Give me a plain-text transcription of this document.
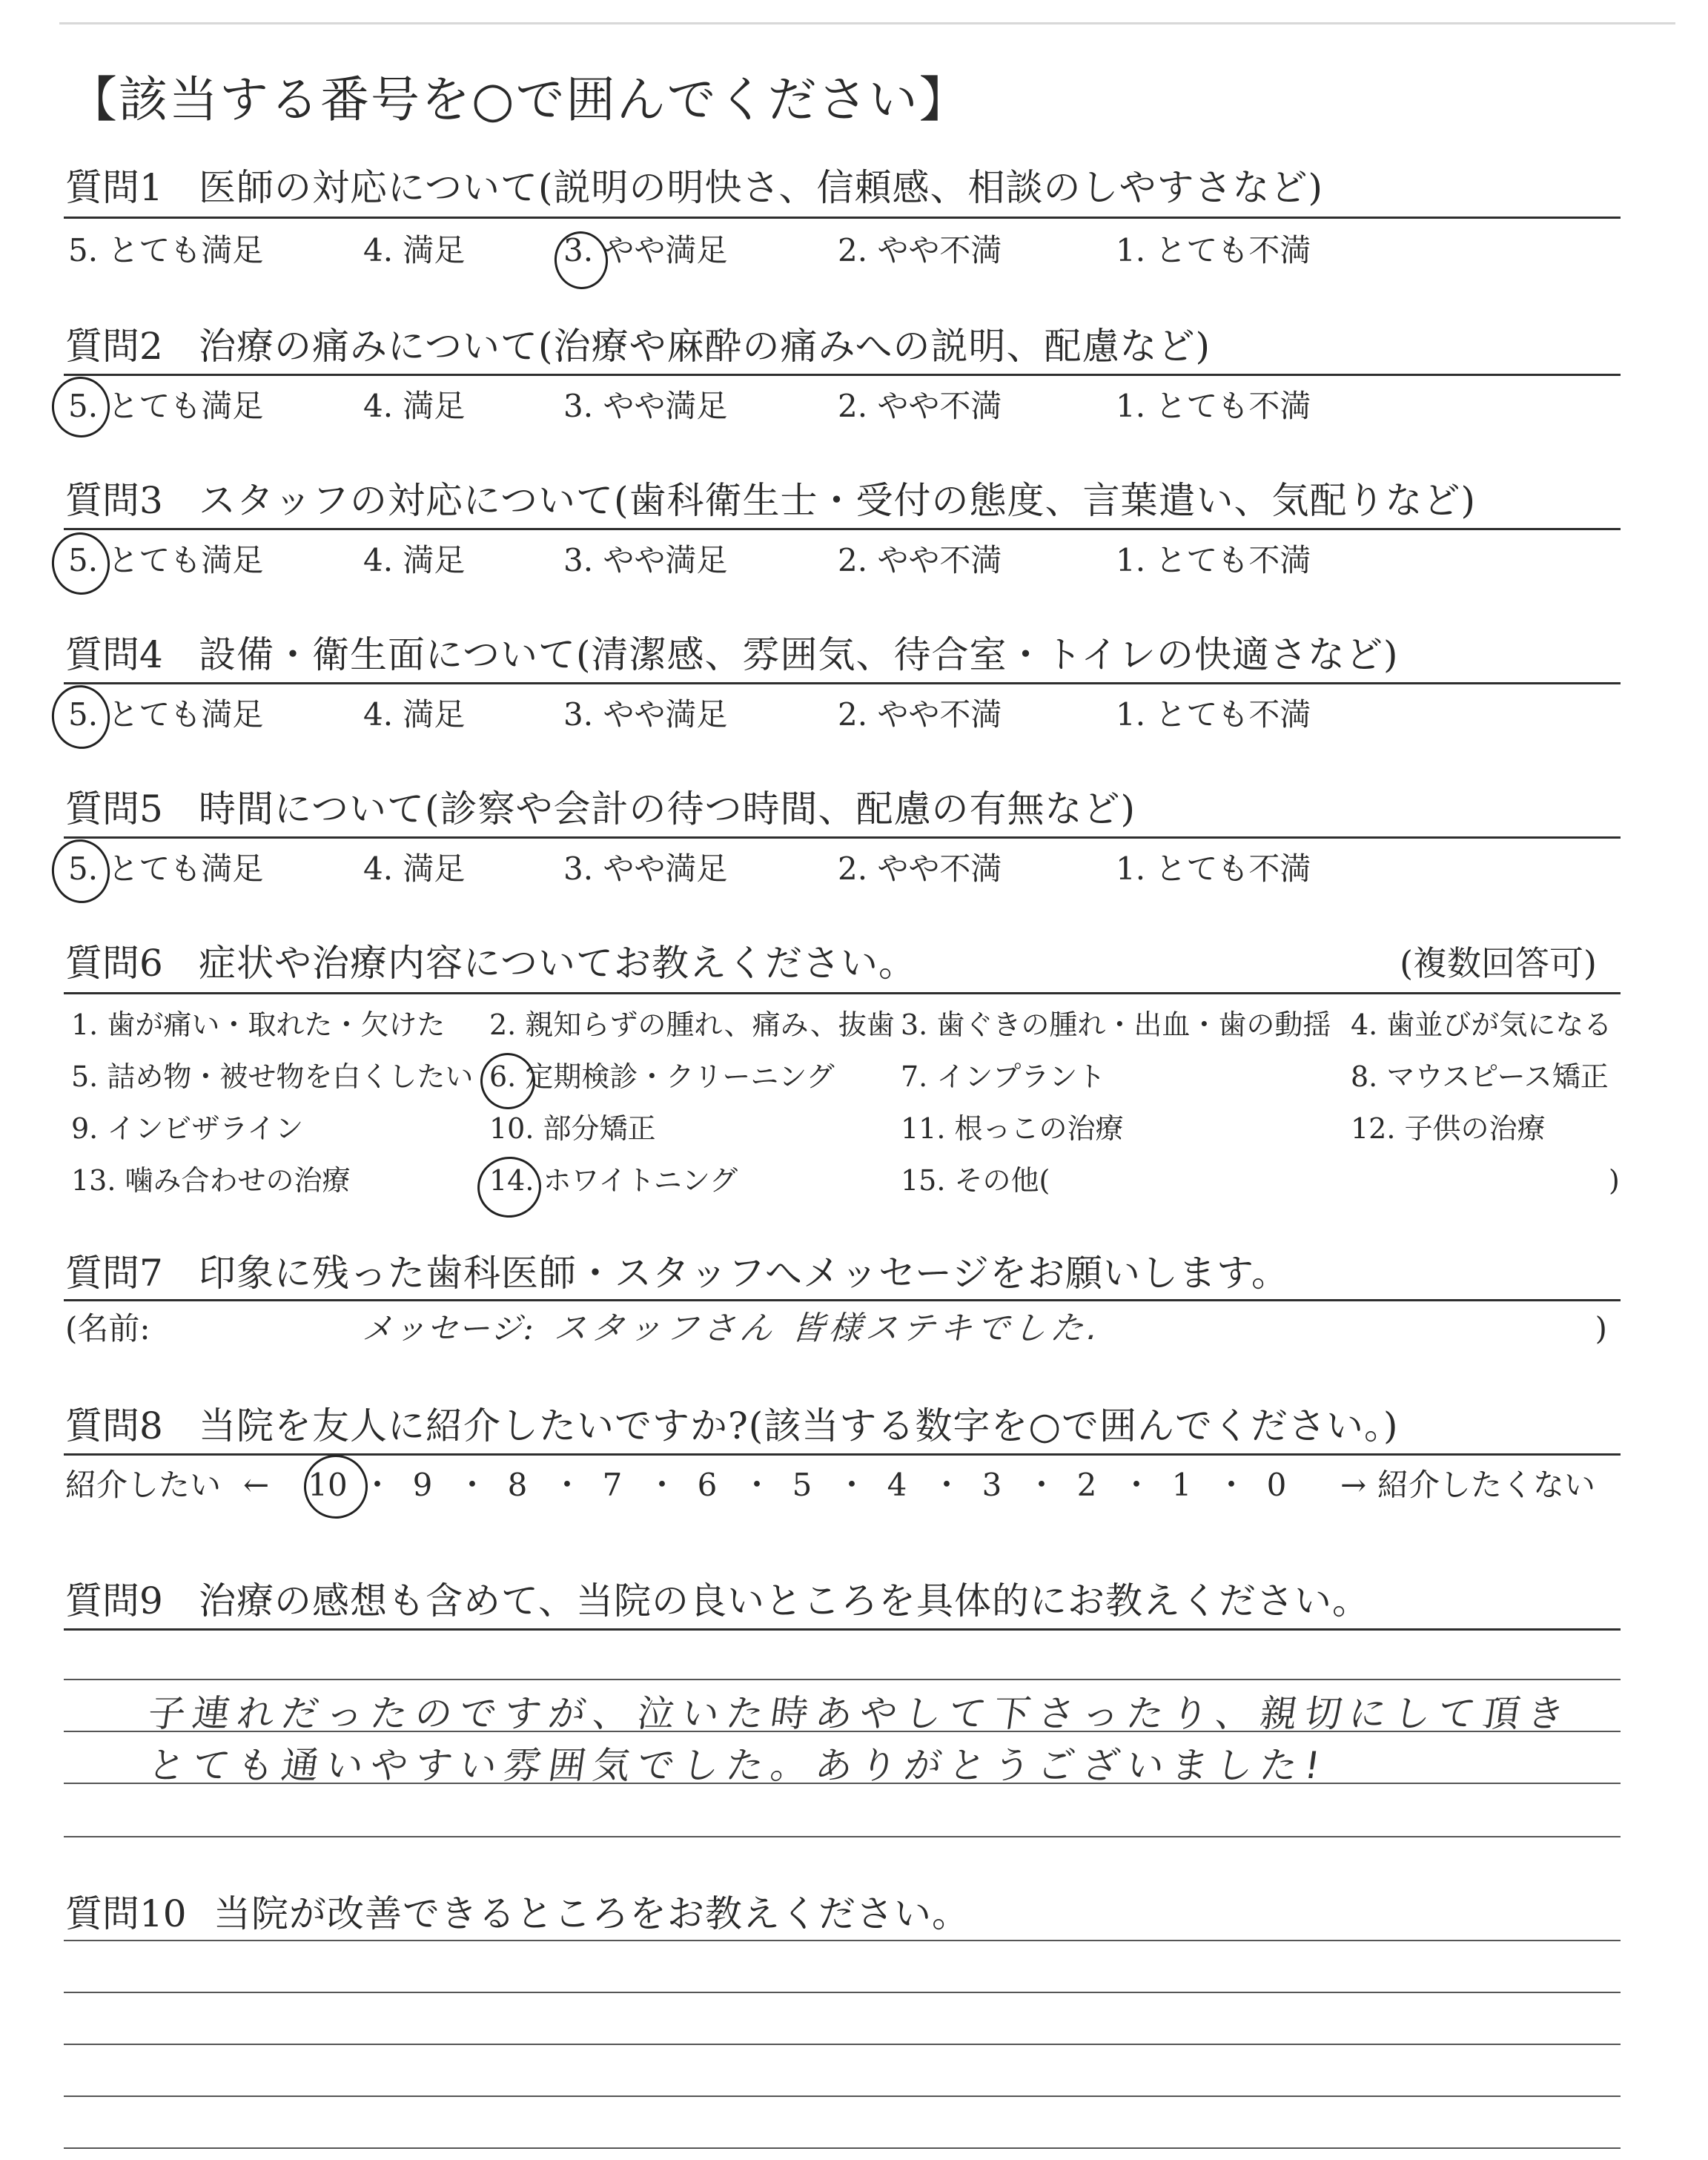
【該当する番号を○で囲んでください】
質問1 医師の対応について(説明の明快さ、信頼感、相談のしやすさなど)
5. とても満足	4. 満足	3. やや満足	2. やや不満	1. とても不満
質問2 治療の痛みについて(治療や麻酔の痛みへの説明、配慮など)
5. とても満足	4. 満足	3. やや満足	2. やや不満	1. とても不満
質問3 スタッフの対応について(歯科衛生士・受付の態度、言葉遣い、気配りなど)
5. とても満足	4. 満足	3. やや満足	2. やや不満	1. とても不満
質問4 設備・衛生面について(清潔感、雰囲気、待合室・トイレの快適さなど)
5. とても満足	4. 満足	3. やや満足	2. やや不満	1. とても不満
質問5 時間について(診察や会計の待つ時間、配慮の有無など)
5. とても満足	4. 満足	3. やや満足	2. やや不満	1. とても不満
質問6 症状や治療内容についてお教えください。	(複数回答可)
1. 歯が痛い・取れた・欠けた 2. 親知らずの腫れ、痛み、抜歯 3. 歯ぐきの腫れ・出血・歯の動揺 4. 歯並びが気になる
5. 詰め物・被せ物を白くしたい 6. 定期検診・クリーニング 7. インプラント	8. マウスピース矯正
9. インビザライン	10. 部分矯正	11. 根っこの治療	12. 子供の治療
13. 噛み合わせの治療	14. ホワイトニング	15. その他(	)
質問7 印象に残った歯科医師・スタッフへメッセージをお願いします。
(名前:	メッセージ: スタッフさん 皆様ステキでした.	)
質問8 当院を友人に紹介したいですか?(該当する数字を○で囲んでください。)
紹介したい ← 10 ・ 9 ・ 8 ・ 7 ・ 6 ・ 5 ・ 4 ・ 3 ・ 2 ・ 1 ・ 0	→ 紹介したくない
質問9 治療の感想も含めて、当院の良いところを具体的にお教えください。
子連れだったのですが、泣いた時あやして下さったり、親切にして頂き
とても通いやすい雰囲気でした。ありがとうございました!
質問10 当院が改善できるところをお教えください。
